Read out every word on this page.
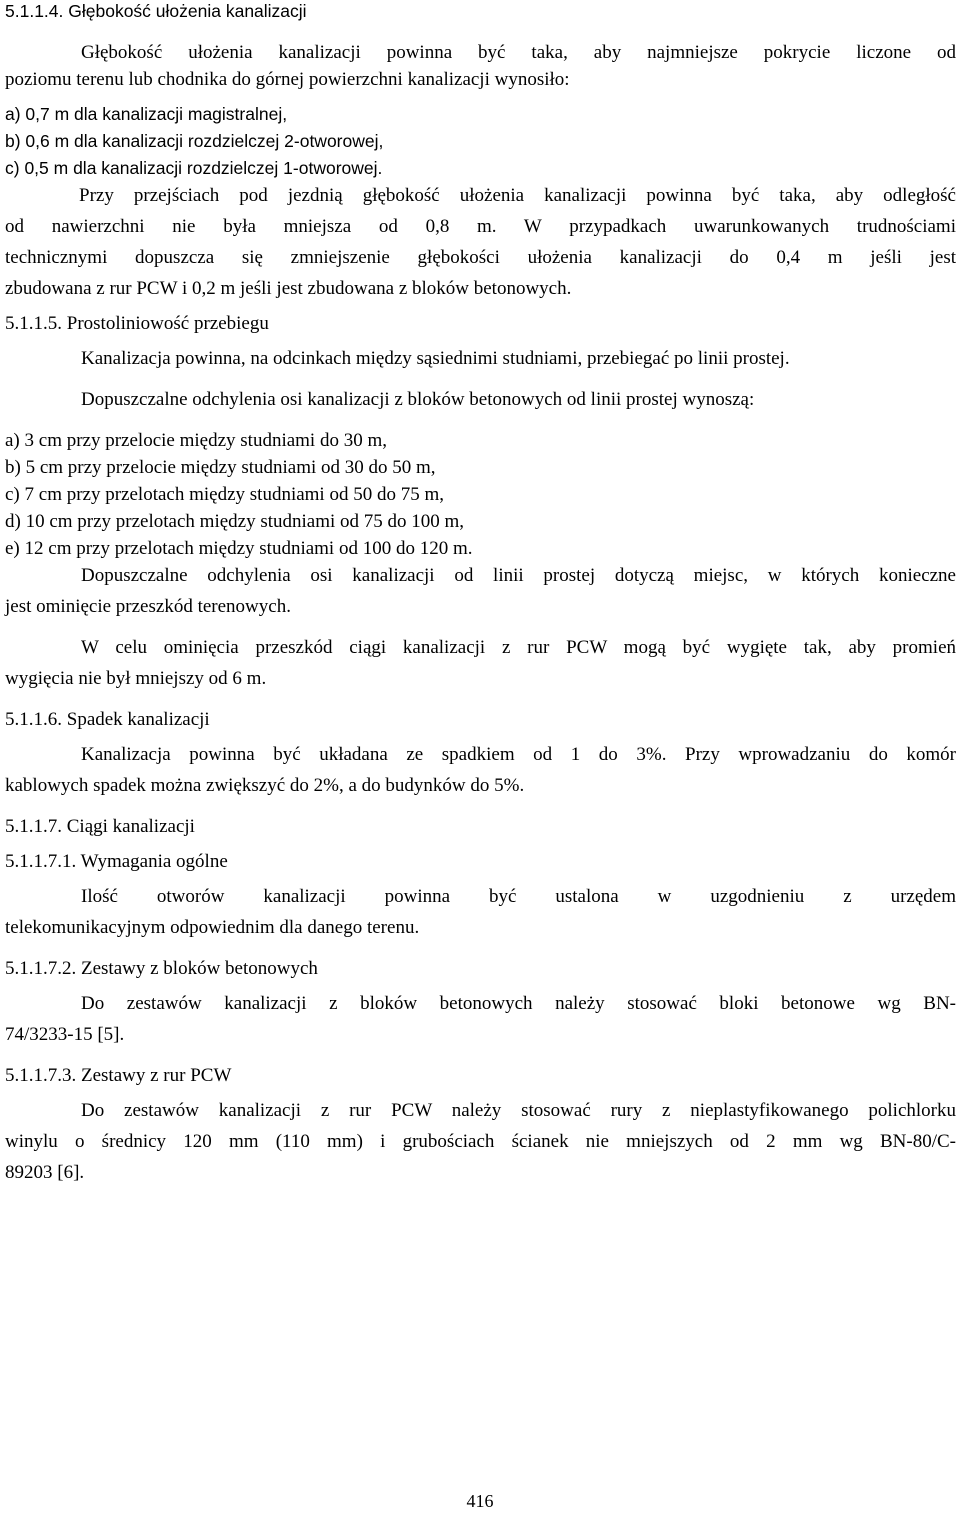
5.1.1.4. Głębokość ułożenia kanalizacji
Głębokość ułożenia kanalizacji powinna być taka, aby najmniejsze pokrycie liczone od
poziomu terenu lub chodnika do górnej powierzchni kanalizacji wynosiło:
a) 0,7 m dla kanalizacji magistralnej,
b) 0,6 m dla kanalizacji rozdzielczej 2-otworowej,
c) 0,5 m dla kanalizacji rozdzielczej 1-otworowej.
Przy przejściach pod jezdnią głębokość ułożenia kanalizacji powinna być taka, aby odległość
od nawierzchni nie była mniejsza od 0,8 m. W przypadkach uwarunkowanych trudnościami
technicznymi dopuszcza się zmniejszenie głębokości ułożenia kanalizacji do 0,4 m jeśli jest
zbudowana z rur PCW i 0,2 m jeśli jest zbudowana z bloków betonowych.
5.1.1.5. Prostoliniowość przebiegu
Kanalizacja powinna, na odcinkach między sąsiednimi studniami, przebiegać po linii prostej.
Dopuszczalne odchylenia osi kanalizacji z bloków betonowych od linii prostej wynoszą:
a) 3 cm przy przelocie między studniami do 30 m,
b) 5 cm przy przelocie między studniami od 30 do 50 m,
c) 7 cm przy przelotach między studniami od 50 do 75 m,
d) 10 cm przy przelotach między studniami od 75 do 100 m,
e) 12 cm przy przelotach między studniami od 100 do 120 m.
Dopuszczalne odchylenia osi kanalizacji od linii prostej dotyczą miejsc, w których konieczne
jest ominięcie przeszkód terenowych.
W celu ominięcia przeszkód ciągi kanalizacji z rur PCW mogą być wygięte tak, aby promień
wygięcia nie był mniejszy od 6 m.
5.1.1.6. Spadek kanalizacji
Kanalizacja powinna być układana ze spadkiem od 1 do 3%. Przy wprowadzaniu do komór
kablowych spadek można zwiększyć do 2%, a do budynków do 5%.
5.1.1.7. Ciągi kanalizacji
5.1.1.7.1. Wymagania ogólne
Ilość otworów kanalizacji powinna być ustalona w uzgodnieniu z urzędem
telekomunikacyjnym odpowiednim dla danego terenu.
5.1.1.7.2. Zestawy z bloków betonowych
Do zestawów kanalizacji z bloków betonowych należy stosować bloki betonowe wg BN-
74/3233-15 [5].
5.1.1.7.3. Zestawy z rur PCW
Do zestawów kanalizacji z rur PCW należy stosować rury z nieplastyfikowanego polichlorku
winylu o średnicy 120 mm (110 mm) i grubościach ścianek nie mniejszych od 2 mm wg BN-80/C-
89203 [6].
416
